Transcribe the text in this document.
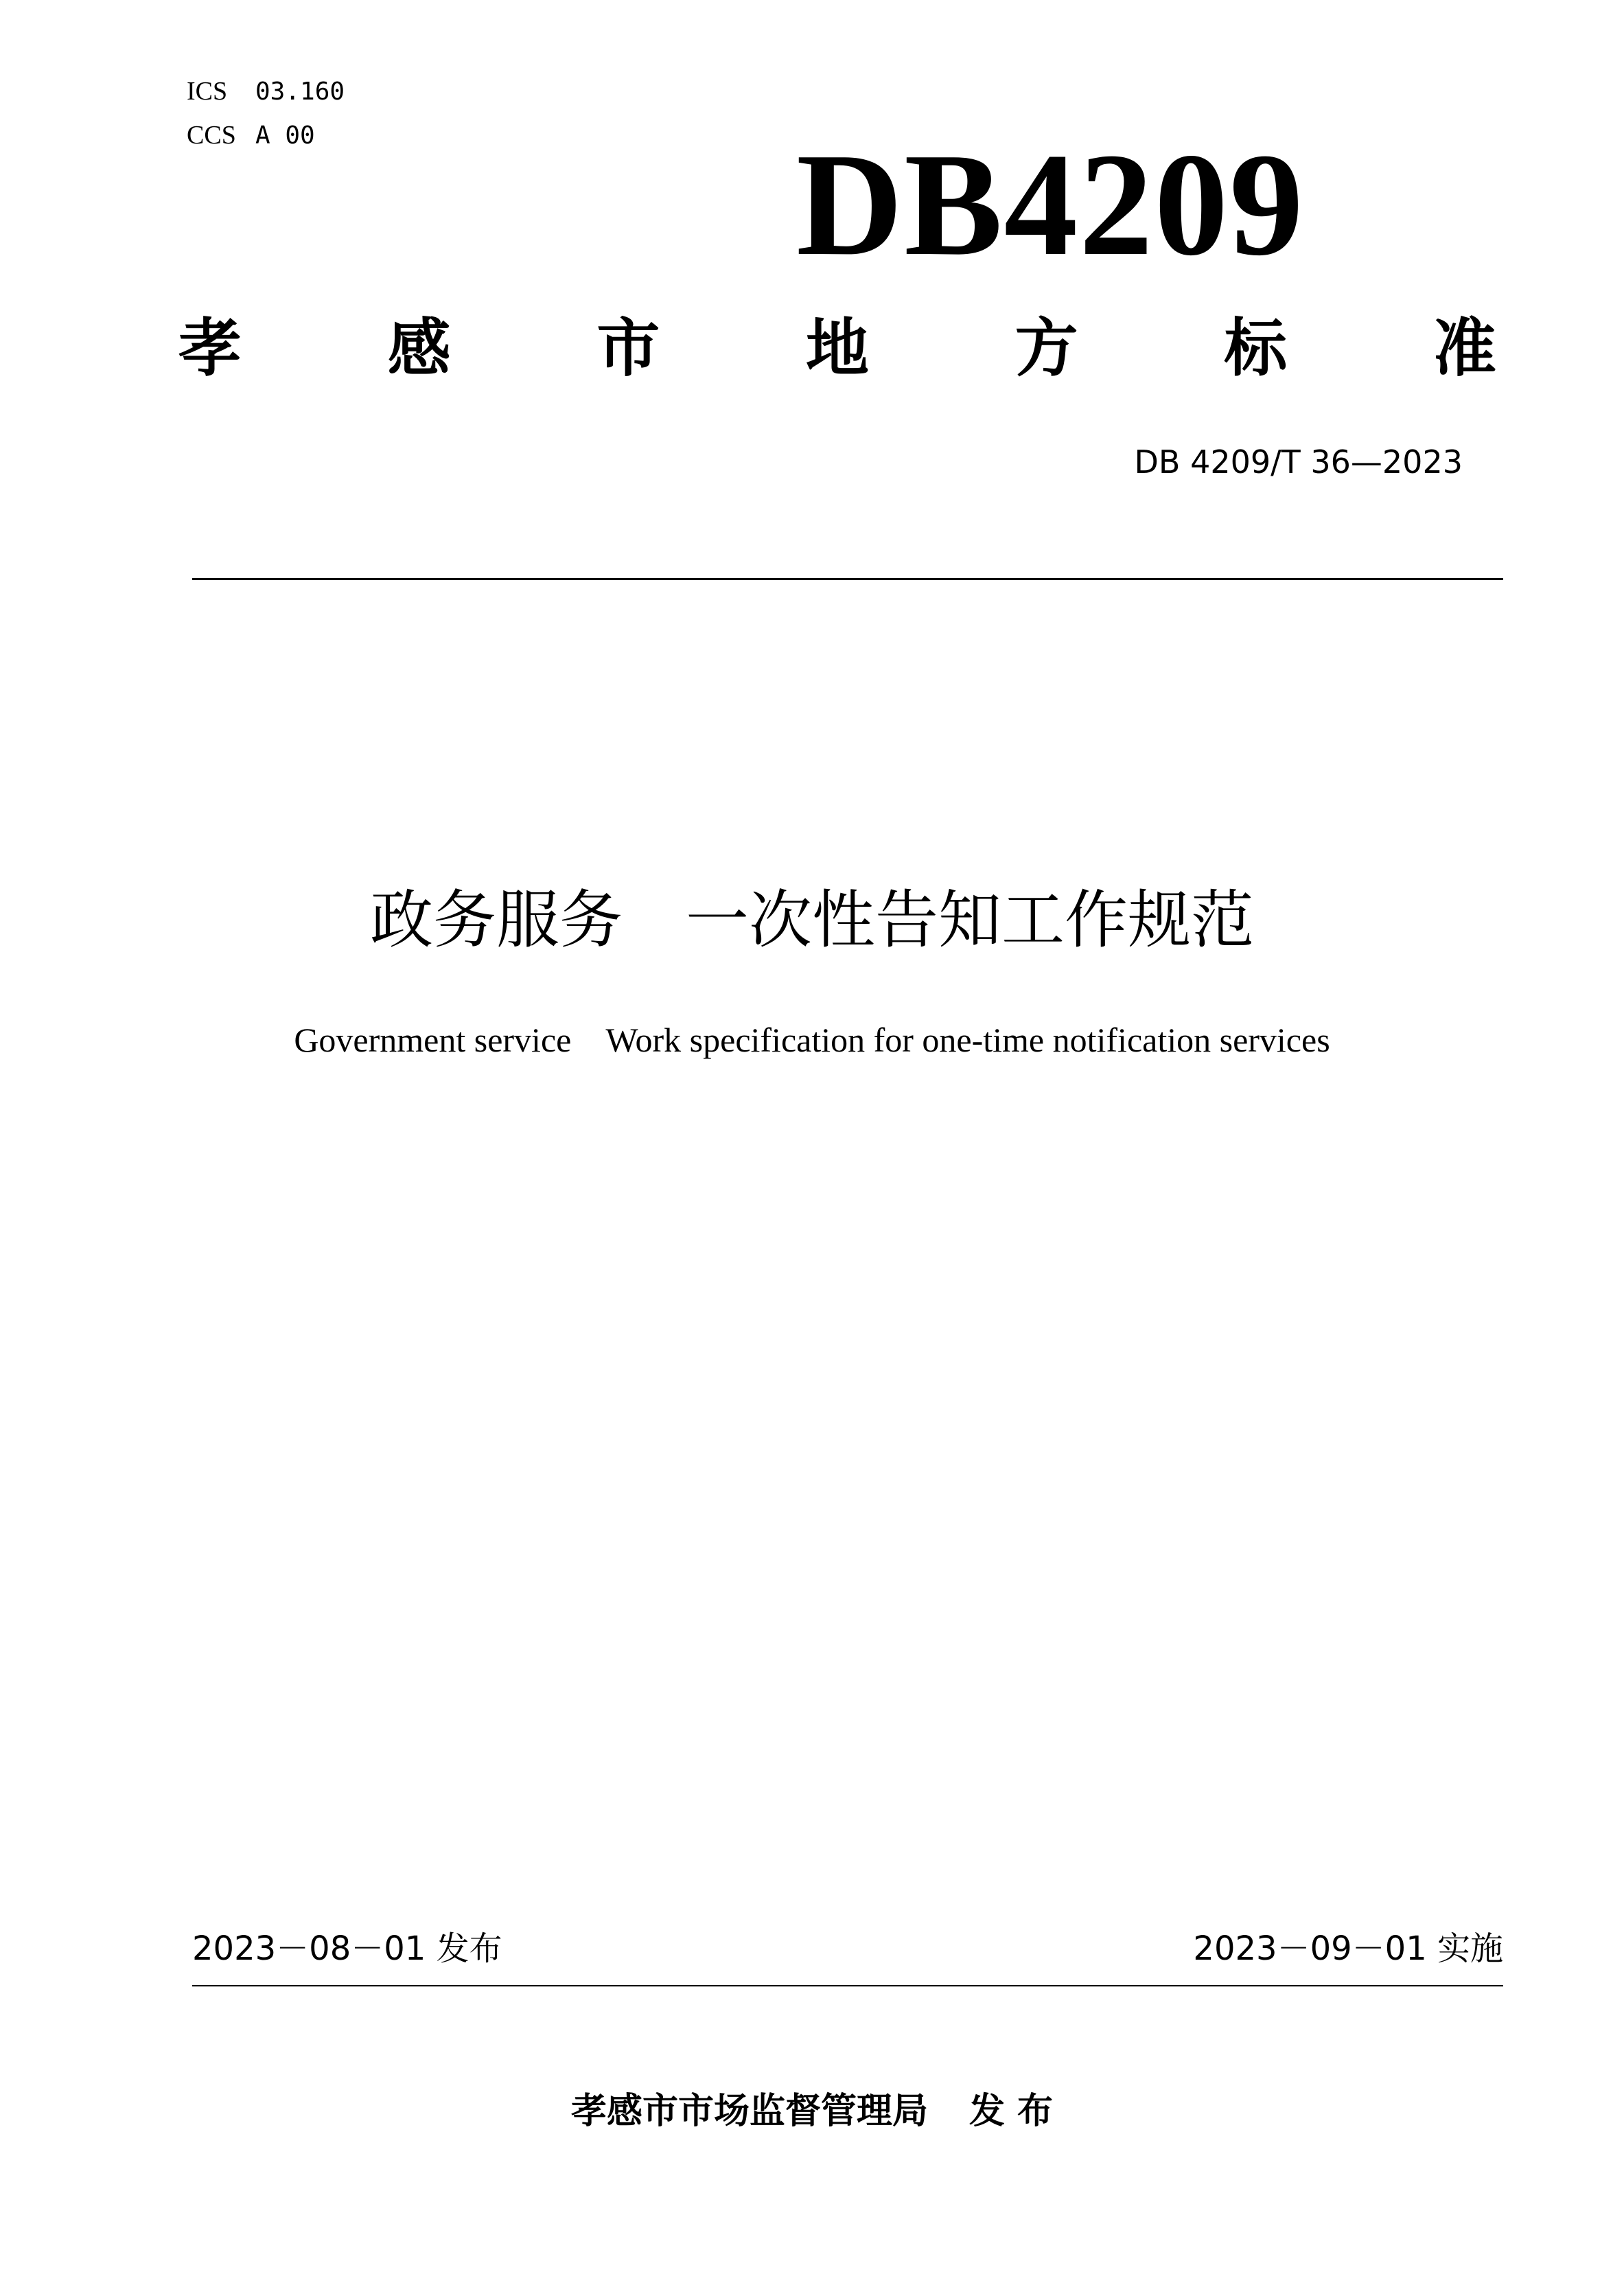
ICS 03.160
CCS A 00	DB4209
孝 感 市 地 方 标 准
DB 4209/T 36—2023
政务服务　一次性告知工作规范
Government service　Work specification for one-time notification services
2023－08－01 发布	2023－09－01 实施
孝感市市场监督管理局 发 布
